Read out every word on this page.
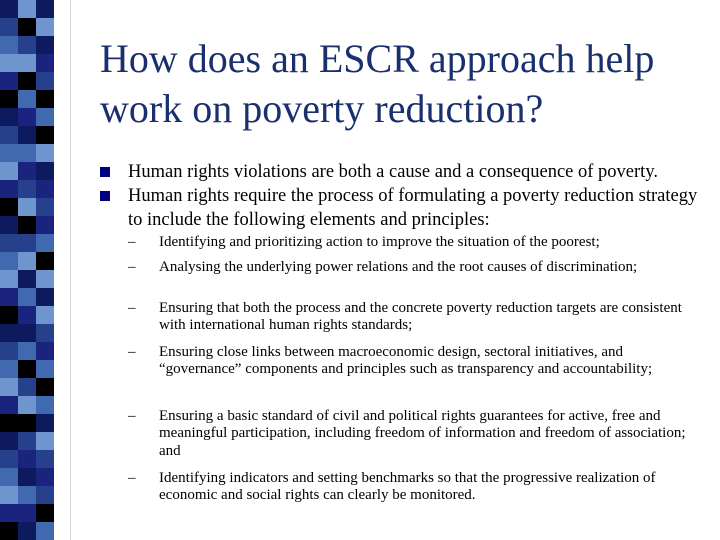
How does an ESCR approach help work on poverty reduction?
Human rights violations are both a cause and a consequence of poverty.
Human rights require the process of formulating a poverty reduction strategy to include the following elements and principles:
–	Identifying and prioritizing action to improve the situation of the poorest;
–	Analysing the underlying power relations and the root causes of discrimination;
–	Ensuring that both the process and the concrete poverty reduction targets are consistent with international human rights standards;
–	Ensuring close links between macroeconomic design, sectoral initiatives, and “governance” components and principles such as transparency and accountability;
–	Ensuring a basic standard of civil and political rights guarantees for active, free and meaningful participation, including freedom of information and freedom of association; and
–	Identifying indicators and setting benchmarks so that the progressive realization of economic and social rights can clearly be monitored.
